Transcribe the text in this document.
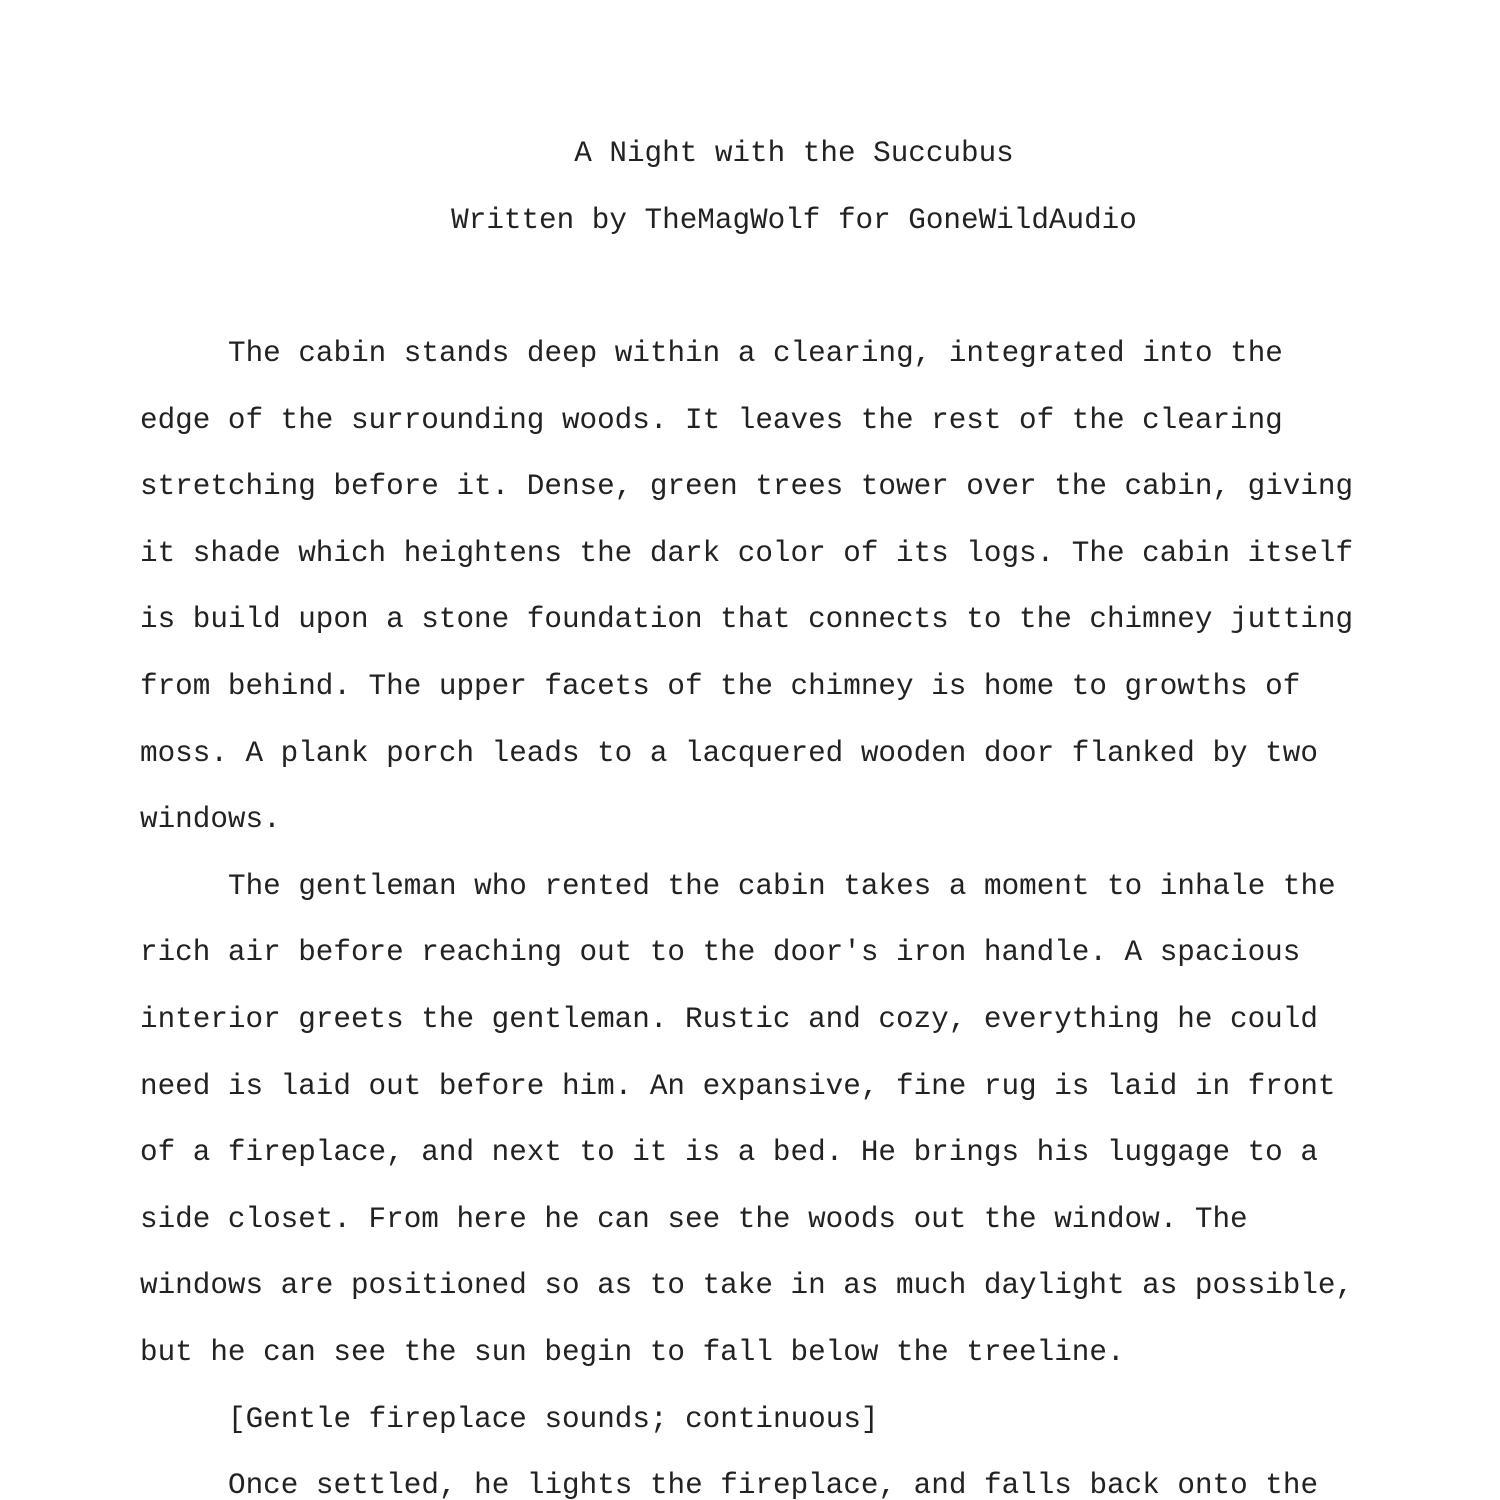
A Night with the Succubus

Written by TheMagWolf for GoneWildAudio

The cabin stands deep within a clearing, integrated into the
edge of the surrounding woods. It leaves the rest of the clearing
stretching before it. Dense, green trees tower over the cabin, giving
it shade which heightens the dark color of its logs. The cabin itself
is build upon a stone foundation that connects to the chimney jutting
from behind. The upper facets of the chimney is home to growths of
moss. A plank porch leads to a lacquered wooden door flanked by two
windows.

The gentleman who rented the cabin takes a moment to inhale the
rich air before reaching out to the door's iron handle. A spacious
interior greets the gentleman. Rustic and cozy, everything he could
need is laid out before him. An expansive, fine rug is laid in front
of a fireplace, and next to it is a bed. He brings his luggage to a
side closet. From here he can see the woods out the window. The
windows are positioned so as to take in as much daylight as possible,
but he can see the sun begin to fall below the treeline.

[Gentle fireplace sounds; continuous]

Once settled, he lights the fireplace, and falls back onto the
